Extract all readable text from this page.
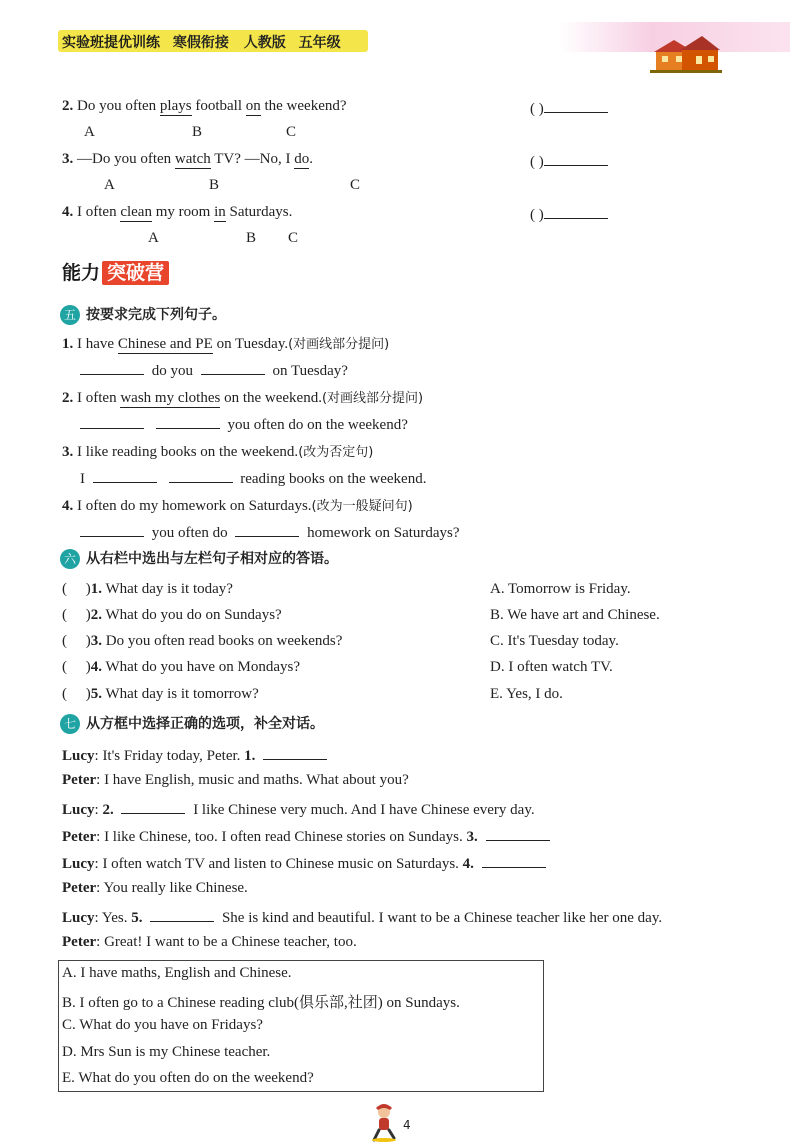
实验班提优训练 寒假衔接 人教版 五年级
2. Do you often plays football on the weekend?
A	B	C
( )
3. —Do you often watch TV? —No, I do.
A	B	C
( )
4. I often clean my room in Saturdays.
A	B C
( )
能力 突破营
五 按要求完成下列句子。
1. I have Chinese and PE on Tuesday.(对画线部分提问)
do you	on Tuesday?
2. I often wash my clothes on the weekend.(对画线部分提问)
you often do on the weekend?
3. I like reading books on the weekend.(改为否定句)
I	reading books on the weekend.
4. I often do my homework on Saturdays.(改为一般疑问句)
you often do	homework on Saturdays?
六 从右栏中选出与左栏句子相对应的答语。
(     )1. What day is it today?
(     )2. What do you do on Sundays?
(     )3. Do you often read books on weekends?
(     )4. What do you have on Mondays?
(     )5. What day is it tomorrow?
A. Tomorrow is Friday.
B. We have art and Chinese.
C. It's Tuesday today.
D. I often watch TV.
E. Yes, I do.
七 从方框中选择正确的选项，补全对话。
Lucy: It's Friday today, Peter. 1.
Peter: I have English, music and maths. What about you?
Lucy: 2.	I like Chinese very much. And I have Chinese every day.
Peter: I like Chinese, too. I often read Chinese stories on Sundays. 3.
Lucy: I often watch TV and listen to Chinese music on Saturdays. 4.
Peter: You really like Chinese.
Lucy: Yes. 5.	She is kind and beautiful. I want to be a Chinese teacher like her one day.
Peter: Great! I want to be a Chinese teacher, too.
A. I have maths, English and Chinese.
B. I often go to a Chinese reading club(俱乐部,社团) on Sundays.
C. What do you have on Fridays?
D. Mrs Sun is my Chinese teacher.
E. What do you often do on the weekend?
4
